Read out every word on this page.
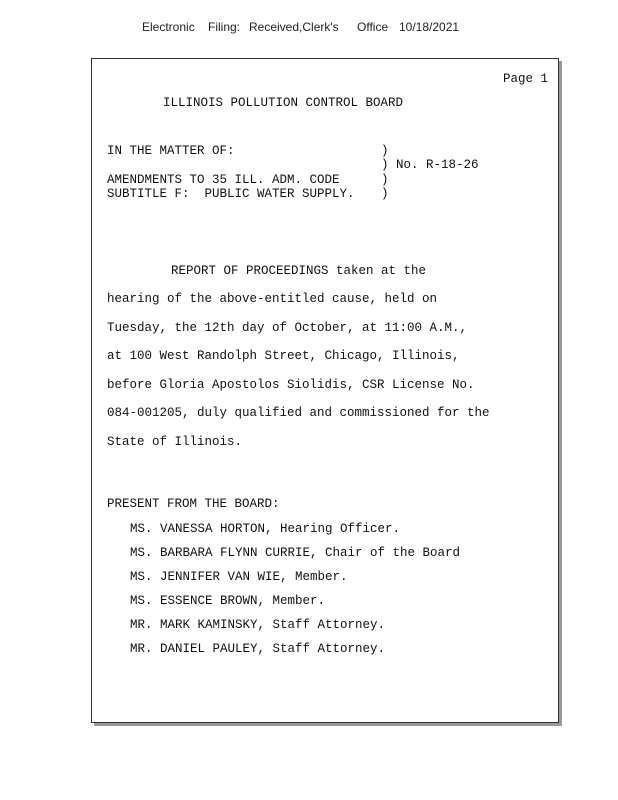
Electronic Filing: Received,Clerk's Office 10/18/2021
Page 1
ILLINOIS POLLUTION CONTROL BOARD
IN THE MATTER OF:	)
) No. R-18-26
AMENDMENTS TO 35 ILL. ADM. CODE	)
SUBTITLE F:  PUBLIC WATER SUPPLY. )
REPORT OF PROCEEDINGS taken at the
hearing of the above-entitled cause, held on
Tuesday, the 12th day of October, at 11:00 A.M.,
at 100 West Randolph Street, Chicago, Illinois,
before Gloria Apostolos Siolidis, CSR License No.
084-001205, duly qualified and commissioned for the
State of Illinois.
PRESENT FROM THE BOARD:
MS. VANESSA HORTON, Hearing Officer.
MS. BARBARA FLYNN CURRIE, Chair of the Board
MS. JENNIFER VAN WIE, Member.
MS. ESSENCE BROWN, Member.
MR. MARK KAMINSKY, Staff Attorney.
MR. DANIEL PAULEY, Staff Attorney.
